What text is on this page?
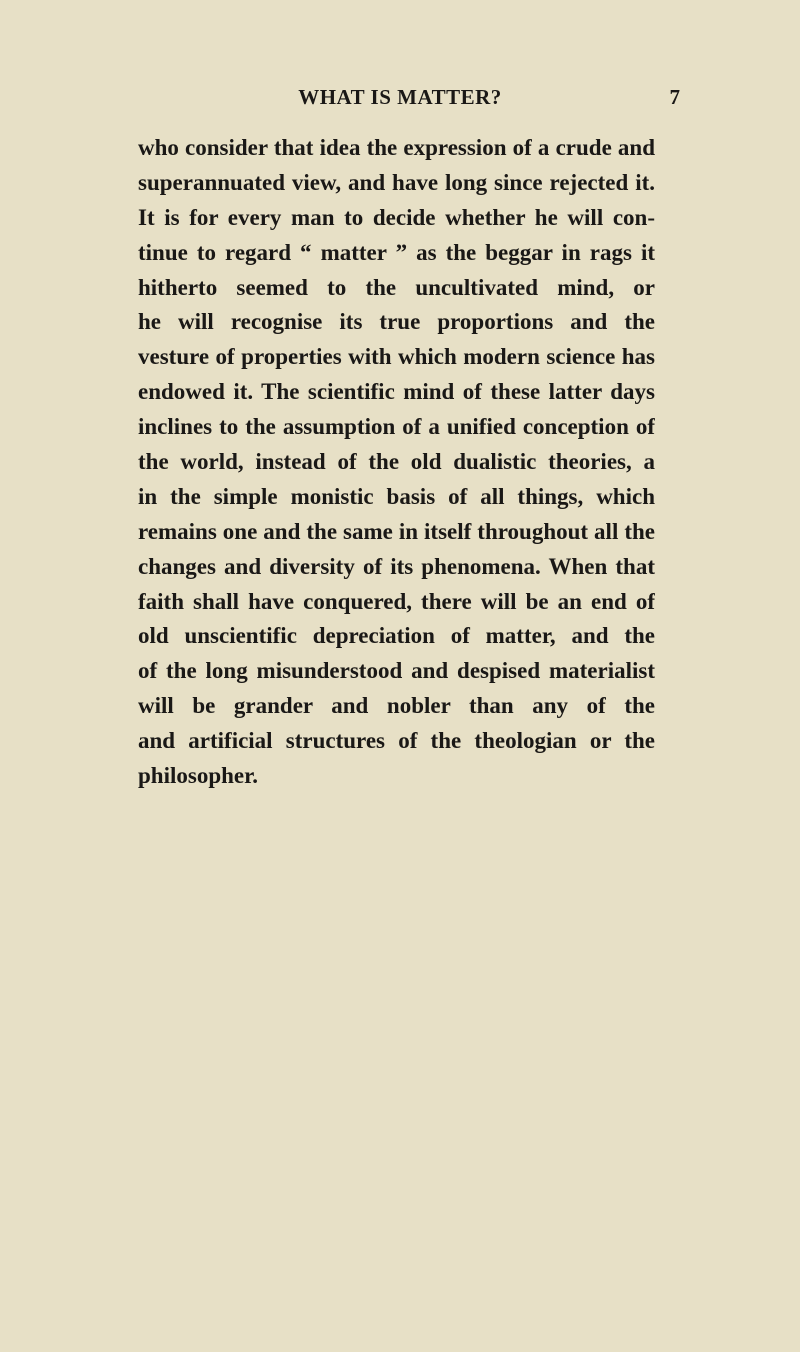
WHAT IS MATTER?	7
who consider that idea the expression of a crude and
superannuated view, and have long since rejected it.
It is for every man to decide whether he will con-
tinue to regard “ matter ” as the beggar in rags it
hitherto seemed to the uncultivated mind, or
he will recognise its true proportions and the
vesture of properties with which modern science has
endowed it. The scientific mind of these latter days
inclines to the assumption of a unified conception of
the world, instead of the old dualistic theories, a
in the simple monistic basis of all things, which
remains one and the same in itself throughout all the
changes and diversity of its phenomena. When that
faith shall have conquered, there will be an end of
old unscientific depreciation of matter, and the
of the long misunderstood and despised materialist
will be grander and nobler than any of the
and artificial structures of the theologian or the
philosopher.
